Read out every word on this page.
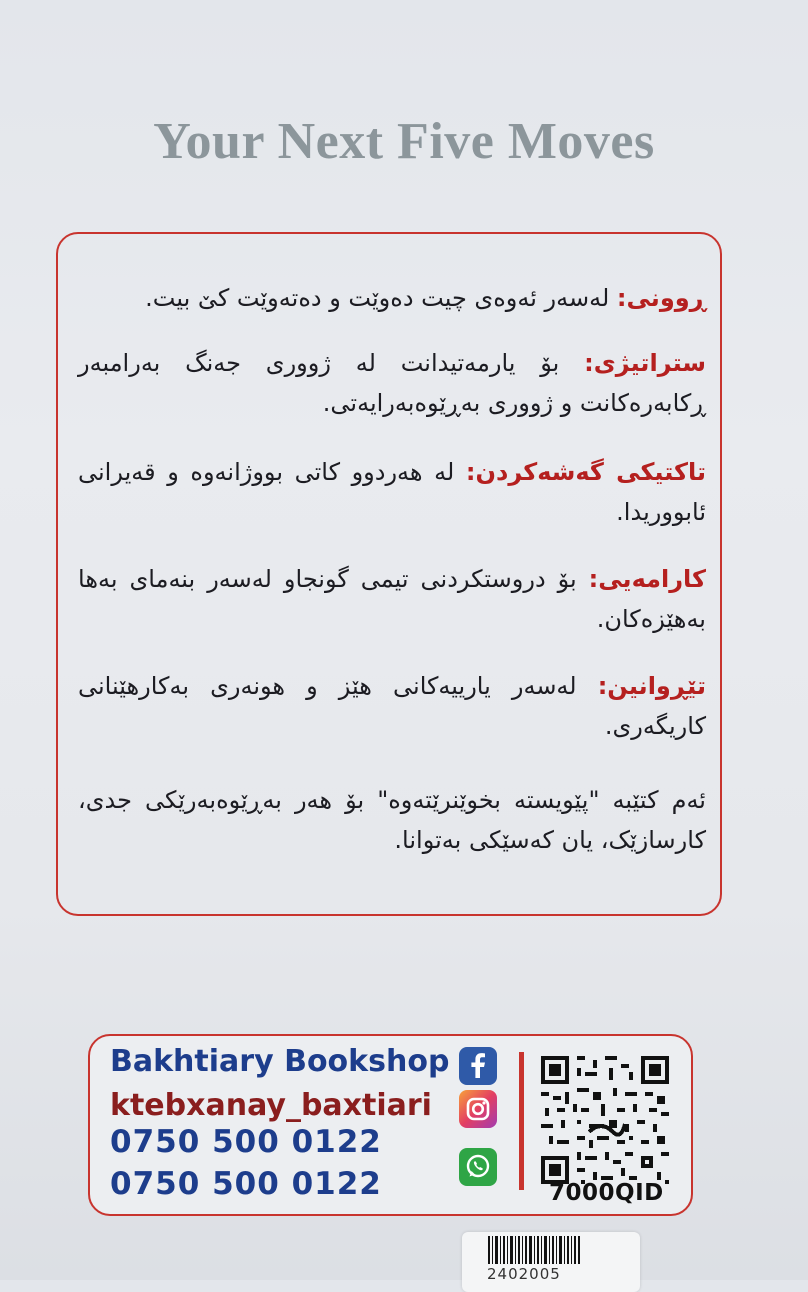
Your Next Five Moves
ڕوونی: لەسەر ئەوەی چیت دەوێت و دەتەوێت کێ بیت.
ستراتیژی: بۆ یارمەتیدانت لە ژووری جەنگ بەرامبەر ڕکابەرەکانت و ژووری بەڕێوەبەرایەتی.
تاکتیکی گەشەکردن: لە هەردوو کاتی بووژانەوە و قەیرانی ئابووریدا.
کارامەیی: بۆ دروستکردنی تیمی گونجاو لەسەر بنەمای بەها بەهێزەکان.
تێڕوانین: لەسەر یارییەکانی هێز و هونەری بەکارهێنانی کاریگەری.
ئەم کتێبە "پێویستە بخوێنرێتەوە" بۆ هەر بەڕێوەبەرێکی جدی، کارسازێک، یان کەسێکی بەتوانا.
Bakhtiary Bookshop
ktebxanay_baxtiari
0750 500 0122
0750 500 0122	7000QID
2402005
